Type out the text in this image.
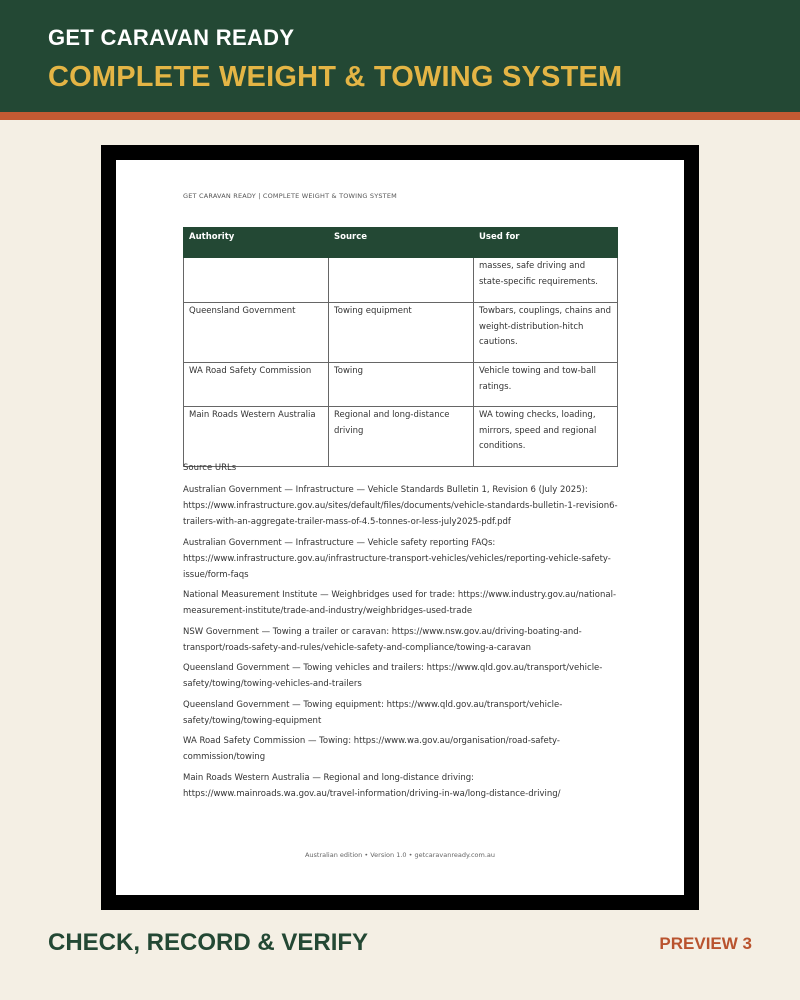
GET CARAVAN READY
COMPLETE WEIGHT & TOWING SYSTEM
GET CARAVAN READY | COMPLETE WEIGHT & TOWING SYSTEM
Authority	Source	Used for
		masses, safe driving and state-specific requirements.
Queensland Government	Towing equipment	Towbars, couplings, chains and weight-distribution-hitch cautions.
WA Road Safety Commission	Towing	Vehicle towing and tow-ball ratings.
Main Roads Western Australia	Regional and long-distance driving	WA towing checks, loading, mirrors, speed and regional conditions.
Source URLs

Australian Government — Infrastructure — Vehicle Standards Bulletin 1, Revision 6 (July 2025): https://www.infrastructure.gov.au/sites/default/files/documents/vehicle-standards-bulletin-1-revision6-trailers-with-an-aggregate-trailer-mass-of-4.5-tonnes-or-less-july2025-pdf.pdf

Australian Government — Infrastructure — Vehicle safety reporting FAQs: https://www.infrastructure.gov.au/infrastructure-transport-vehicles/vehicles/reporting-vehicle-safety-issue/form-faqs

National Measurement Institute — Weighbridges used for trade: https://www.industry.gov.au/national-measurement-institute/trade-and-industry/weighbridges-used-trade

NSW Government — Towing a trailer or caravan: https://www.nsw.gov.au/driving-boating-and-transport/roads-safety-and-rules/vehicle-safety-and-compliance/towing-a-caravan

Queensland Government — Towing vehicles and trailers: https://www.qld.gov.au/transport/vehicle-safety/towing/towing-vehicles-and-trailers

Queensland Government — Towing equipment: https://www.qld.gov.au/transport/vehicle-safety/towing/towing-equipment

WA Road Safety Commission — Towing: https://www.wa.gov.au/organisation/road-safety-commission/towing

Main Roads Western Australia — Regional and long-distance driving: https://www.mainroads.wa.gov.au/travel-information/driving-in-wa/long-distance-driving/

Australian edition • Version 1.0 • getcaravanready.com.au
CHECK, RECORD & VERIFY	PREVIEW 3
